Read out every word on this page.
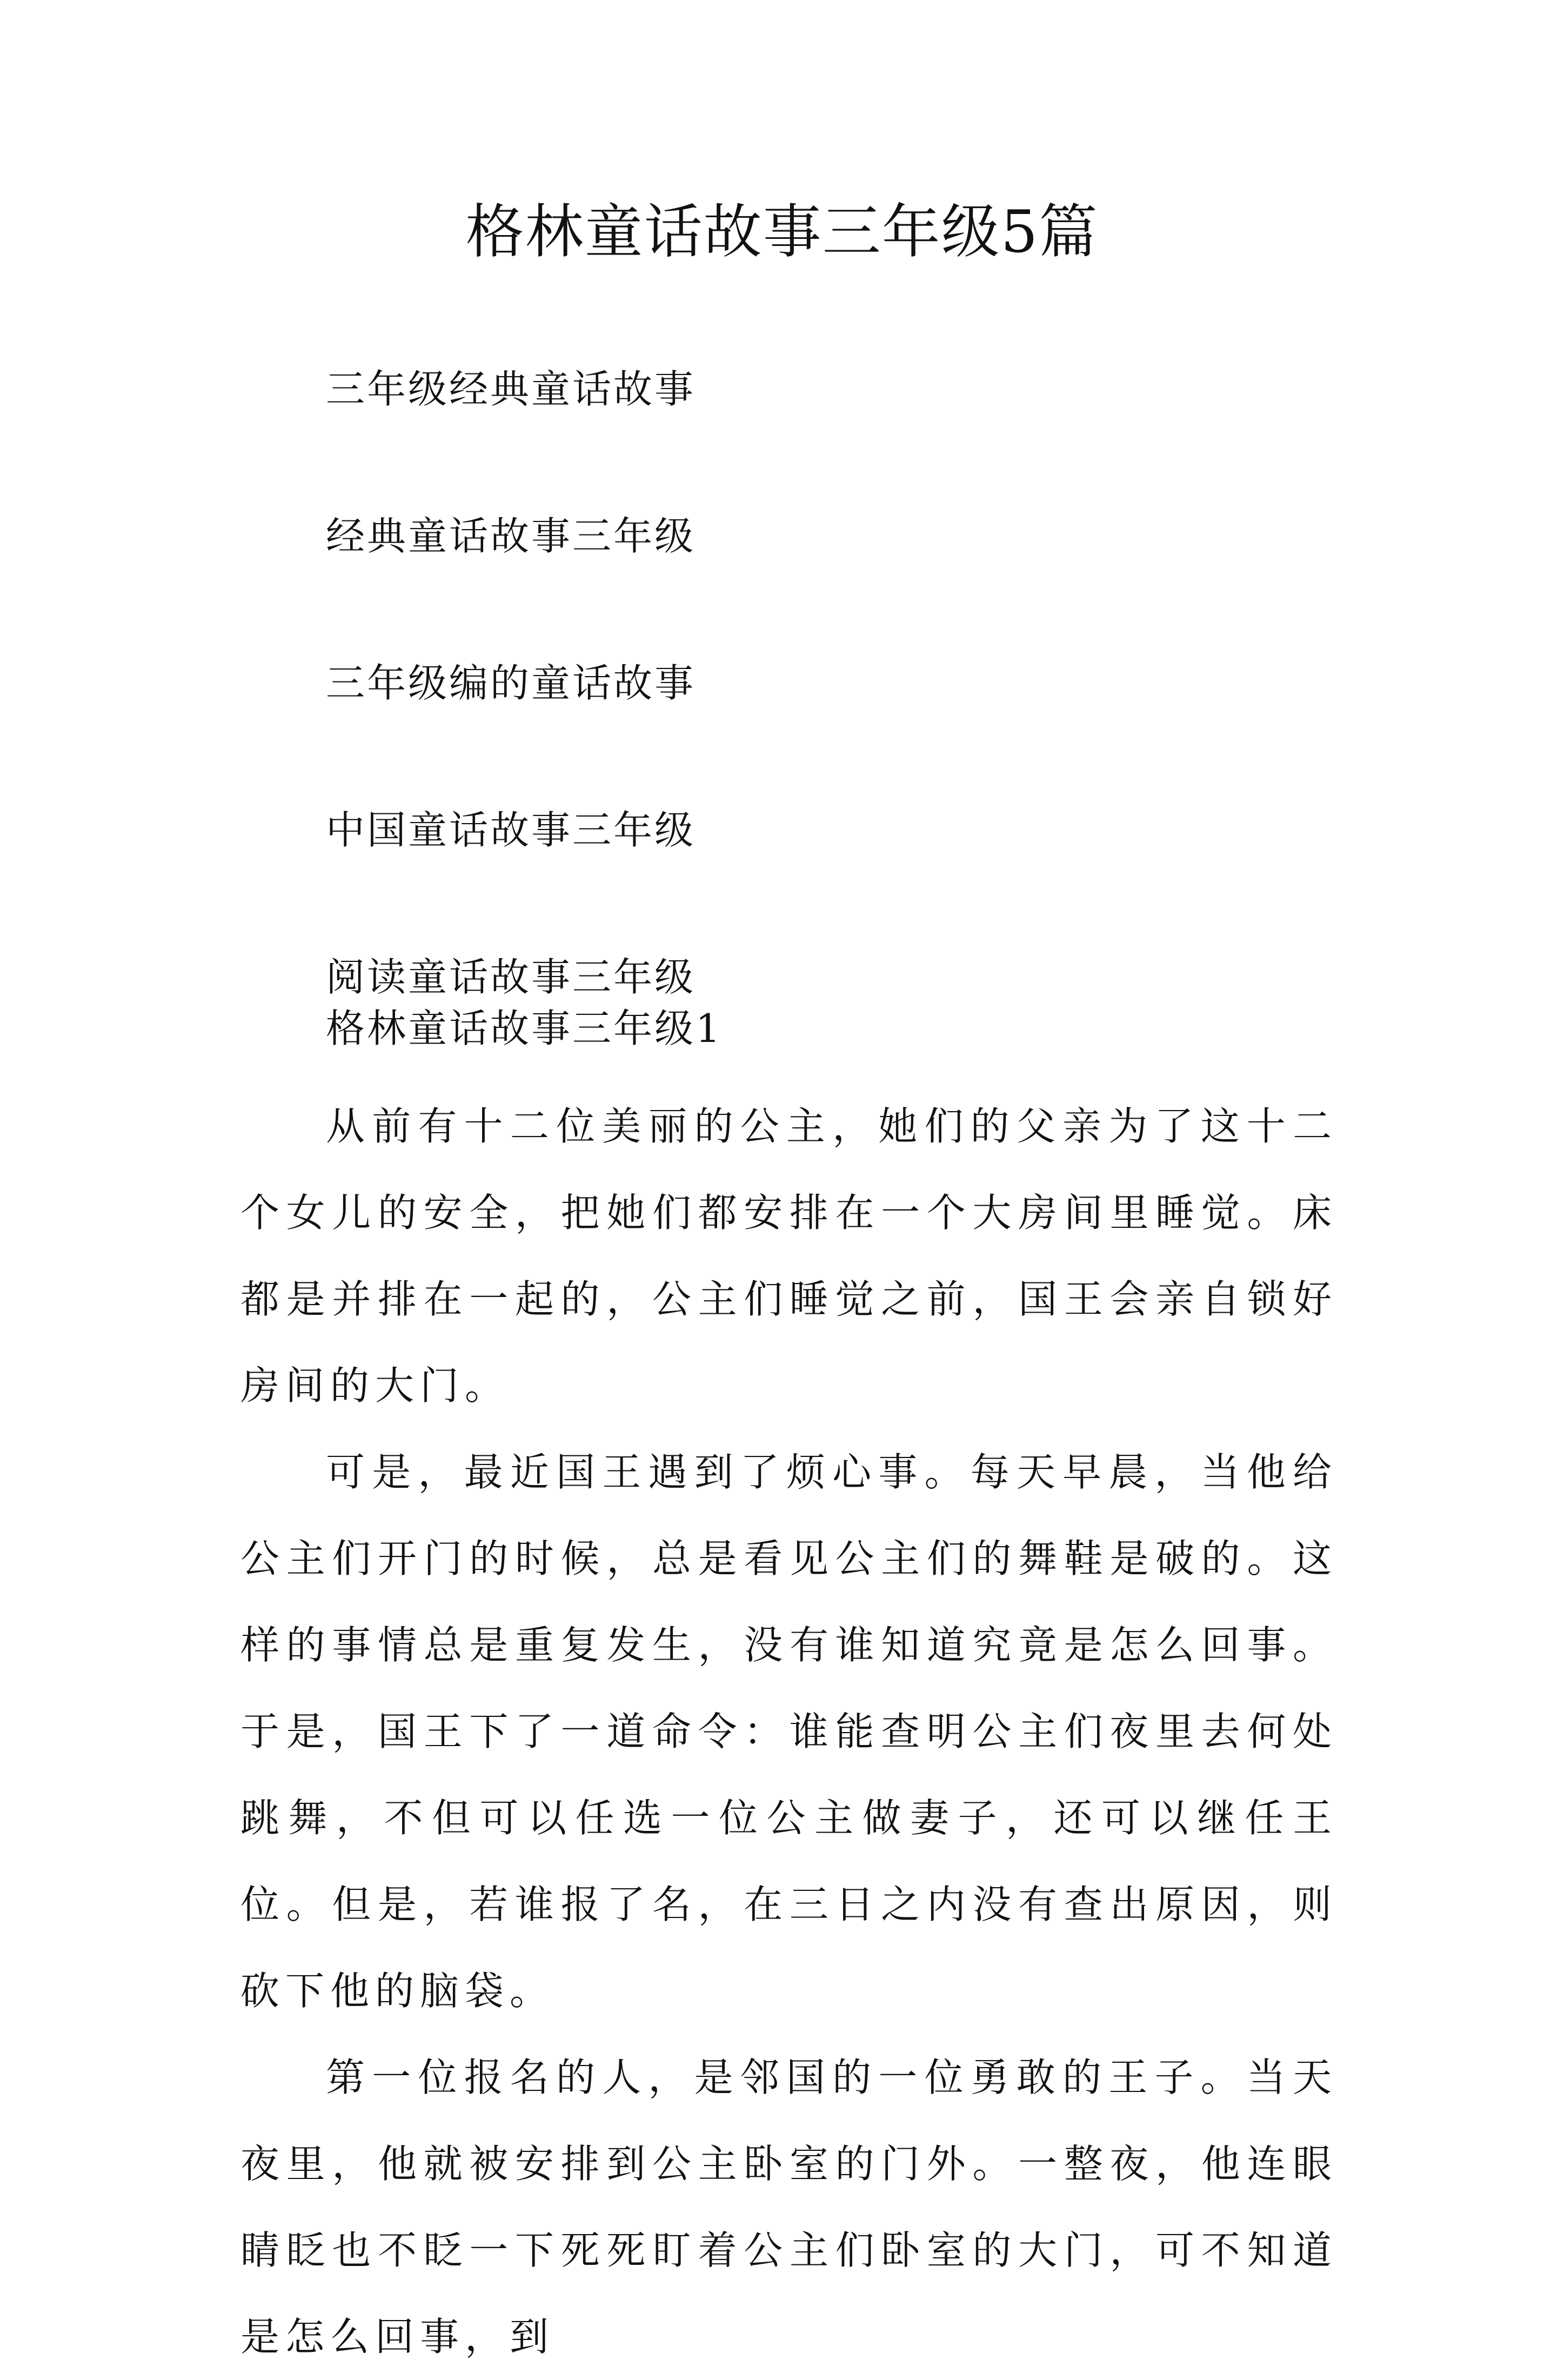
格林童话故事三年级5篇
三年级经典童话故事
经典童话故事三年级
三年级编的童话故事
中国童话故事三年级
阅读童话故事三年级
格林童话故事三年级1

从前有十二位美丽的公主，她们的父亲为了这十二个女儿的安全，把她们都安排在一个大房间里睡觉。床都是并排在一起的，公主们睡觉之前，国王会亲自锁好房间的大门。

可是，最近国王遇到了烦心事。每天早晨，当他给公主们开门的时候，总是看见公主们的舞鞋是破的。这样的事情总是重复发生，没有谁知道究竟是怎么回事。于是，国王下了一道命令：谁能查明公主们夜里去何处跳舞，不但可以任选一位公主做妻子，还可以继任王位。但是，若谁报了名，在三日之内没有查出原因，则砍下他的脑袋。

第一位报名的人，是邻国的一位勇敢的王子。当天夜里，他就被安排到公主卧室的门外。一整夜，他连眼睛眨也不眨一下死死盯着公主们卧室的大门，可不知道是怎么回事，到
